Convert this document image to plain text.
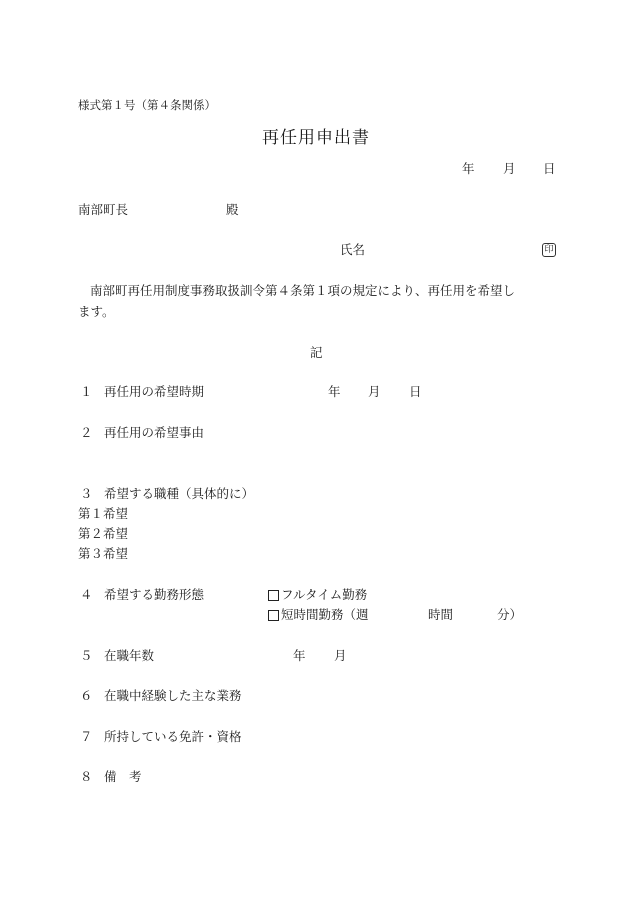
様式第１号（第４条関係）
再任用申出書
年 月 日
南部町長	殿
氏名	印
南部町再任用制度事務取扱訓令第４条第１項の規定により、再任用を希望し
ます。
記
１ 再任用の希望時期	年 月 日
２ 再任用の希望事由
３ 希望する職種（具体的に）
第１希望
第２希望
第３希望
４ 希望する勤務形態	フルタイム勤務
短時間勤務（週	時間	分）
５ 在職年数	年 月
６ 在職中経験した主な業務
７ 所持している免許・資格
８ 備　考
